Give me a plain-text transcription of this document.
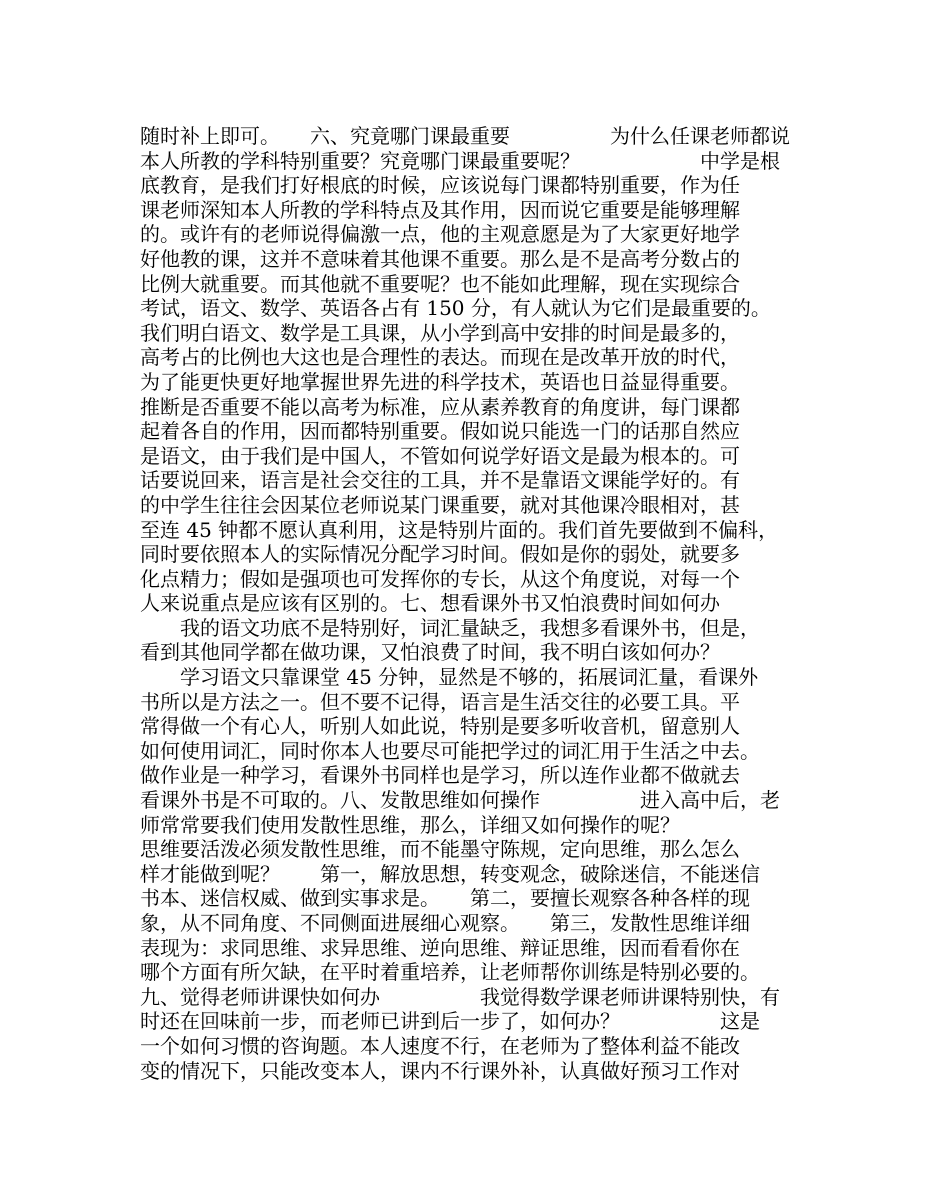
随时补上即可。　　六、究竟哪门课最重要　　　　　为什么任课老师都说
本人所教的学科特别重要？究竟哪门课最重要呢？　　　　　　中学是根
底教育，是我们打好根底的时候，应该说每门课都特别重要，作为任
课老师深知本人所教的学科特点及其作用，因而说它重要是能够理解
的。或许有的老师说得偏激一点，他的主观意愿是为了大家更好地学
好他教的课，这并不意味着其他课不重要。那么是不是高考分数占的
比例大就重要。而其他就不重要呢？也不能如此理解，现在实现综合
考试，语文、数学、英语各占有 150 分，有人就认为它们是最重要的。
我们明白语文、数学是工具课，从小学到高中安排的时间是最多的，
高考占的比例也大这也是合理性的表达。而现在是改革开放的时代，
为了能更快更好地掌握世界先进的科学技术，英语也日益显得重要。
推断是否重要不能以高考为标准，应从素养教育的角度讲，每门课都
起着各自的作用，因而都特别重要。假如说只能选一门的话那自然应
是语文，由于我们是中国人，不管如何说学好语文是最为根本的。可
话要说回来，语言是社会交往的工具，并不是靠语文课能学好的。有
的中学生往往会因某位老师说某门课重要，就对其他课冷眼相对，甚
至连 45 钟都不愿认真利用，这是特别片面的。我们首先要做到不偏科，
同时要依照本人的实际情况分配学习时间。假如是你的弱处，就要多
化点精力；假如是强项也可发挥你的专长，从这个角度说，对每一个
人来说重点是应该有区别的。七、想看课外书又怕浪费时间如何办
　　我的语文功底不是特别好，词汇量缺乏，我想多看课外书，但是，
看到其他同学都在做功课，又怕浪费了时间，我不明白该如何办？
　　学习语文只靠课堂 45 分钟，显然是不够的，拓展词汇量，看课外
书所以是方法之一。但不要不记得，语言是生活交往的必要工具。平
常得做一个有心人，听别人如此说，特别是要多听收音机，留意别人
如何使用词汇，同时你本人也要尽可能把学过的词汇用于生活之中去。
做作业是一种学习，看课外书同样也是学习，所以连作业都不做就去
看课外书是不可取的。八、发散思维如何操作　　　　　进入高中后，老
师常常要我们使用发散性思维，那么，详细又如何操作的呢？
思维要活泼必须发散性思维，而不能墨守陈规，定向思维，那么怎么
样才能做到呢？　　第一，解放思想，转变观念，破除迷信，不能迷信
书本、迷信权威、做到实事求是。　　第二，要擅长观察各种各样的现
象，从不同角度、不同侧面进展细心观察。　　第三，发散性思维详细
表现为：求同思维、求异思维、逆向思维、辩证思维，因而看看你在
哪个方面有所欠缺，在平时着重培养，让老师帮你训练是特别必要的。
九、觉得老师讲课快如何办　　　　　我觉得数学课老师讲课特别快，有
时还在回味前一步，而老师已讲到后一步了，如何办？　　　　　这是
一个如何习惯的咨询题。本人速度不行，在老师为了整体利益不能改
变的情况下，只能改变本人，课内不行课外补，认真做好预习工作对
